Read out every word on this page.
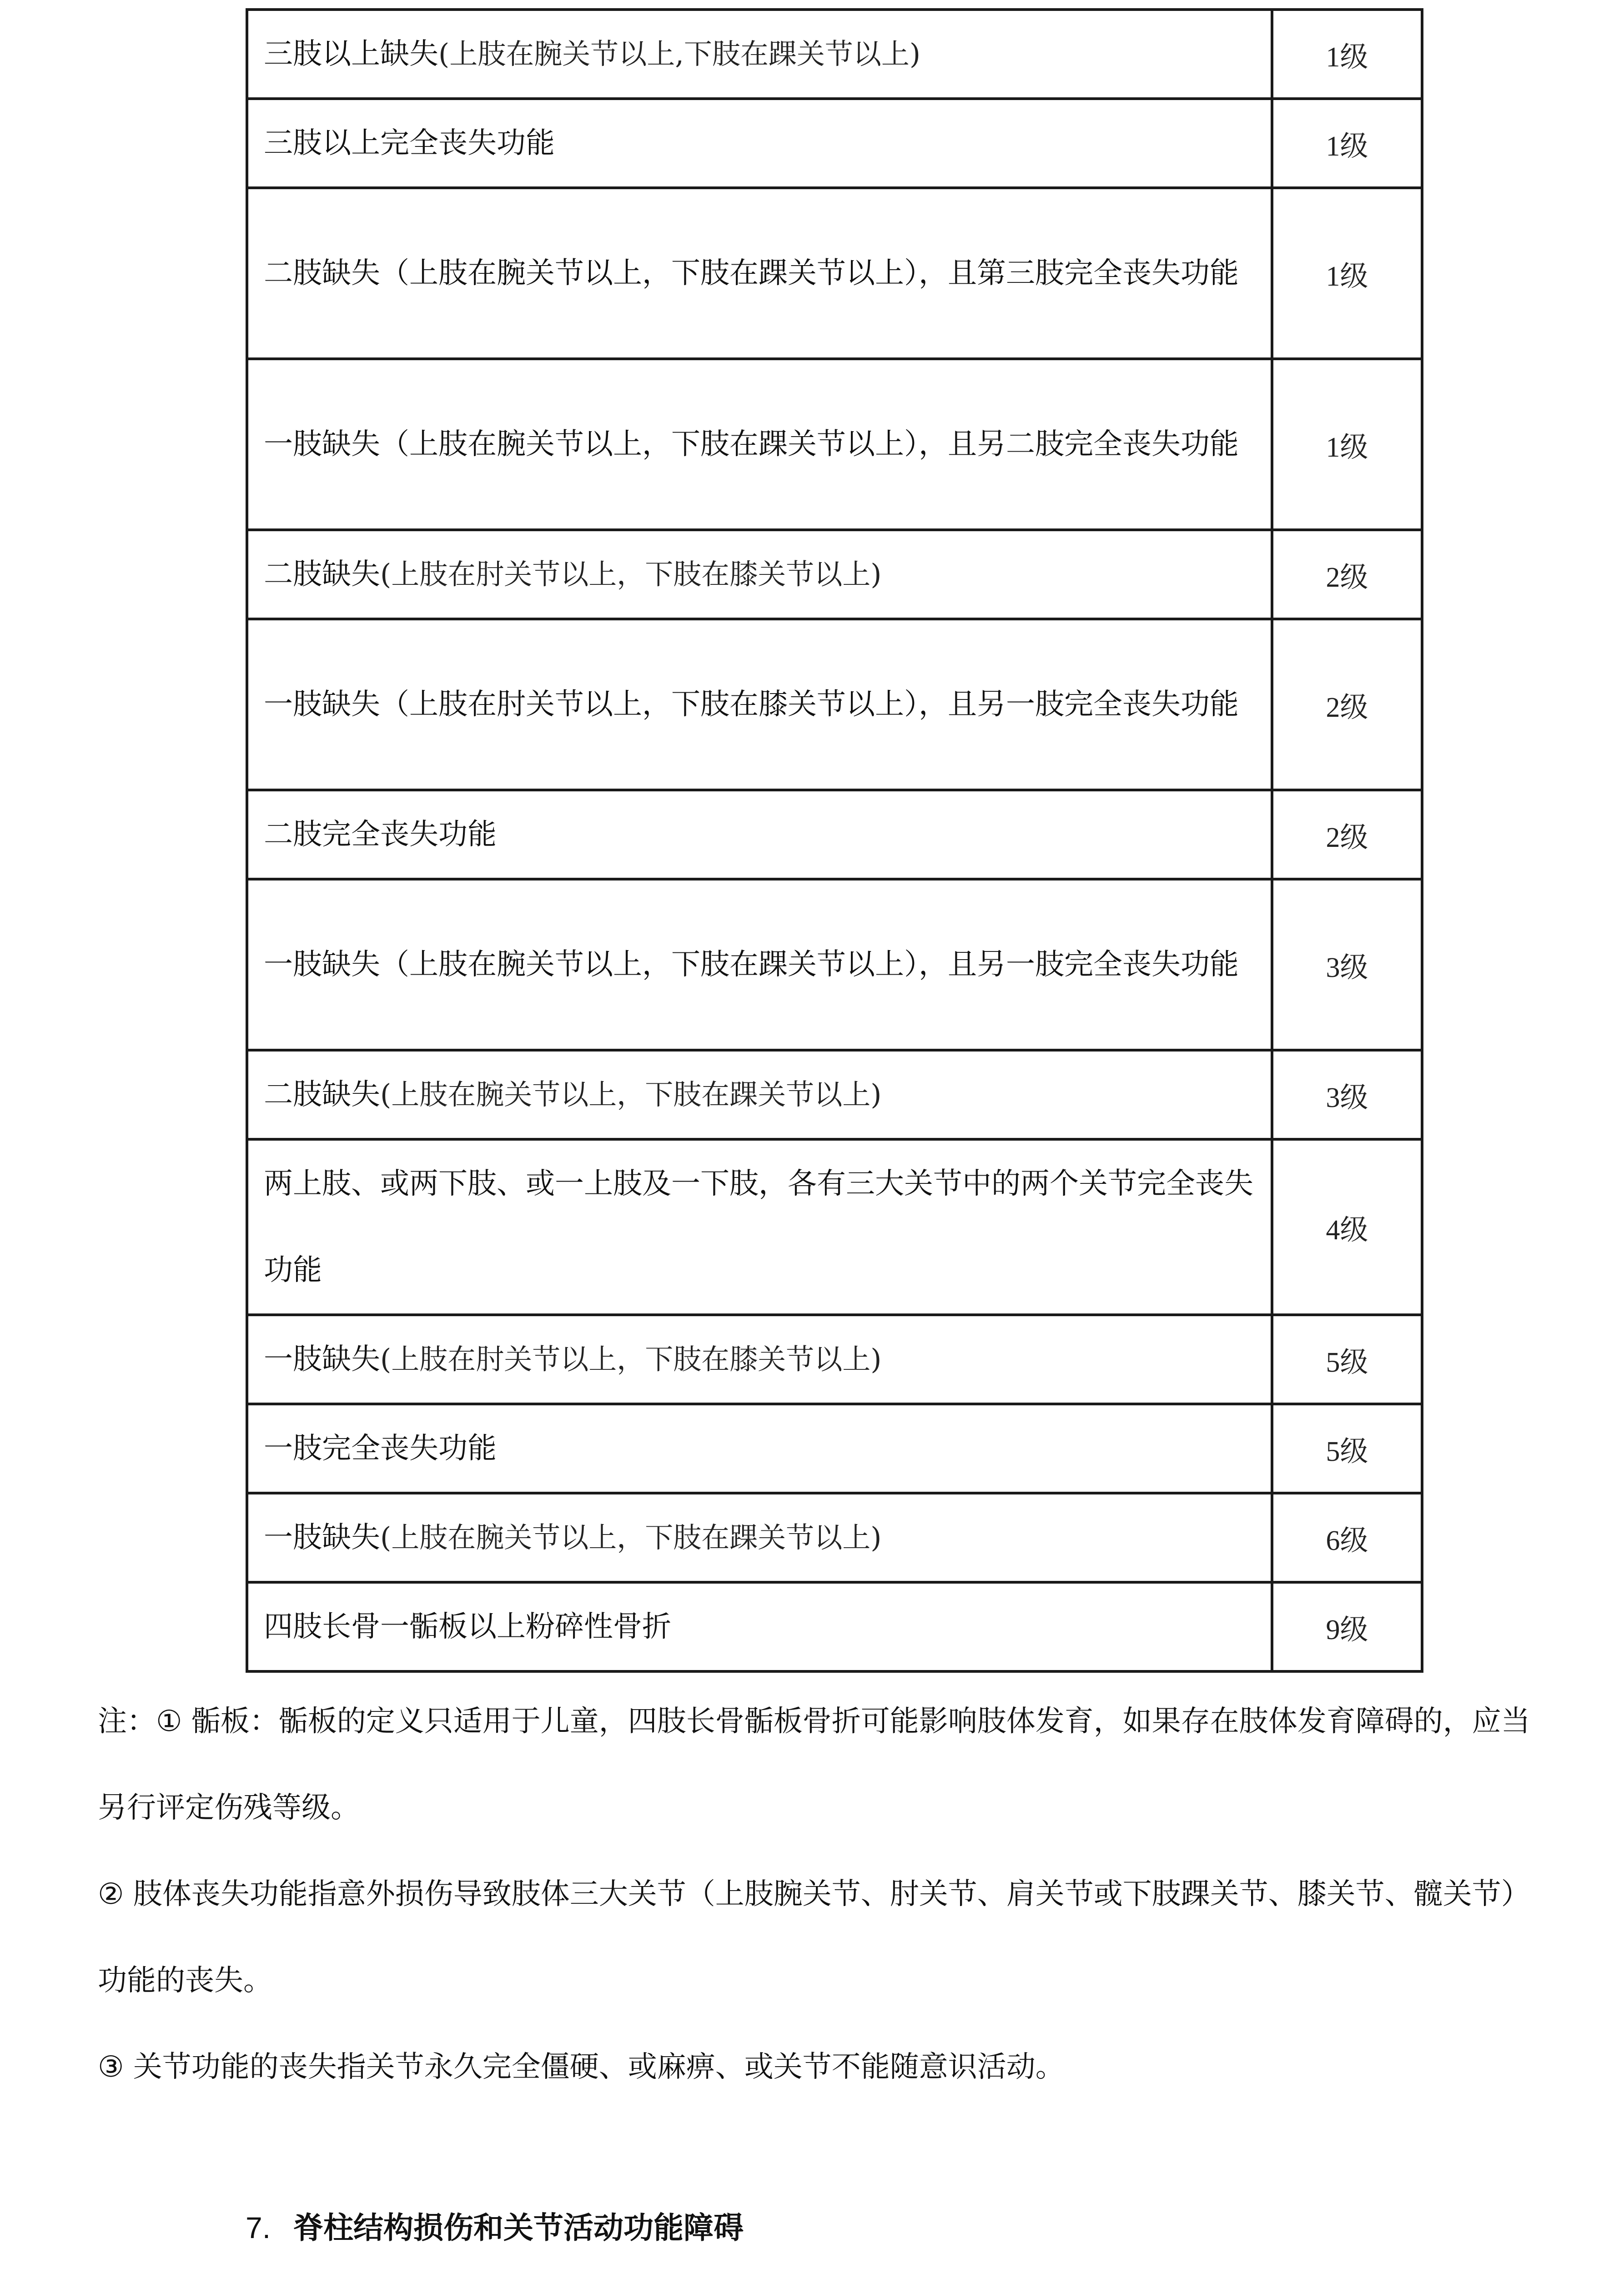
三肢以上缺失(上肢在腕关节以上,下肢在踝关节以上)	1级
三肢以上完全丧失功能	1级
二肢缺失（上肢在腕关节以上，下肢在踝关节以上），且第三肢完全丧失功能	1级
一肢缺失（上肢在腕关节以上，下肢在踝关节以上），且另二肢完全丧失功能	1级
二肢缺失(上肢在肘关节以上，下肢在膝关节以上)	2级
一肢缺失（上肢在肘关节以上，下肢在膝关节以上），且另一肢完全丧失功能	2级
二肢完全丧失功能	2级
一肢缺失（上肢在腕关节以上，下肢在踝关节以上），且另一肢完全丧失功能	3级
二肢缺失(上肢在腕关节以上，下肢在踝关节以上)	3级
两上肢、或两下肢、或一上肢及一下肢，各有三大关节中的两个关节完全丧失功能	4级
一肢缺失(上肢在肘关节以上，下肢在膝关节以上)	5级
一肢完全丧失功能	5级
一肢缺失(上肢在腕关节以上，下肢在踝关节以上)	6级
四肢长骨一骺板以上粉碎性骨折	9级

注：① 骺板：骺板的定义只适用于儿童，四肢长骨骺板骨折可能影响肢体发育，如果存在肢体发育障碍的，应当另行评定伤残等级。

② 肢体丧失功能指意外损伤导致肢体三大关节（上肢腕关节、肘关节、肩关节或下肢踝关节、膝关节、髋关节）功能的丧失。

③ 关节功能的丧失指关节永久完全僵硬、或麻痹、或关节不能随意识活动。

7. 脊柱结构损伤和关节活动功能障碍
